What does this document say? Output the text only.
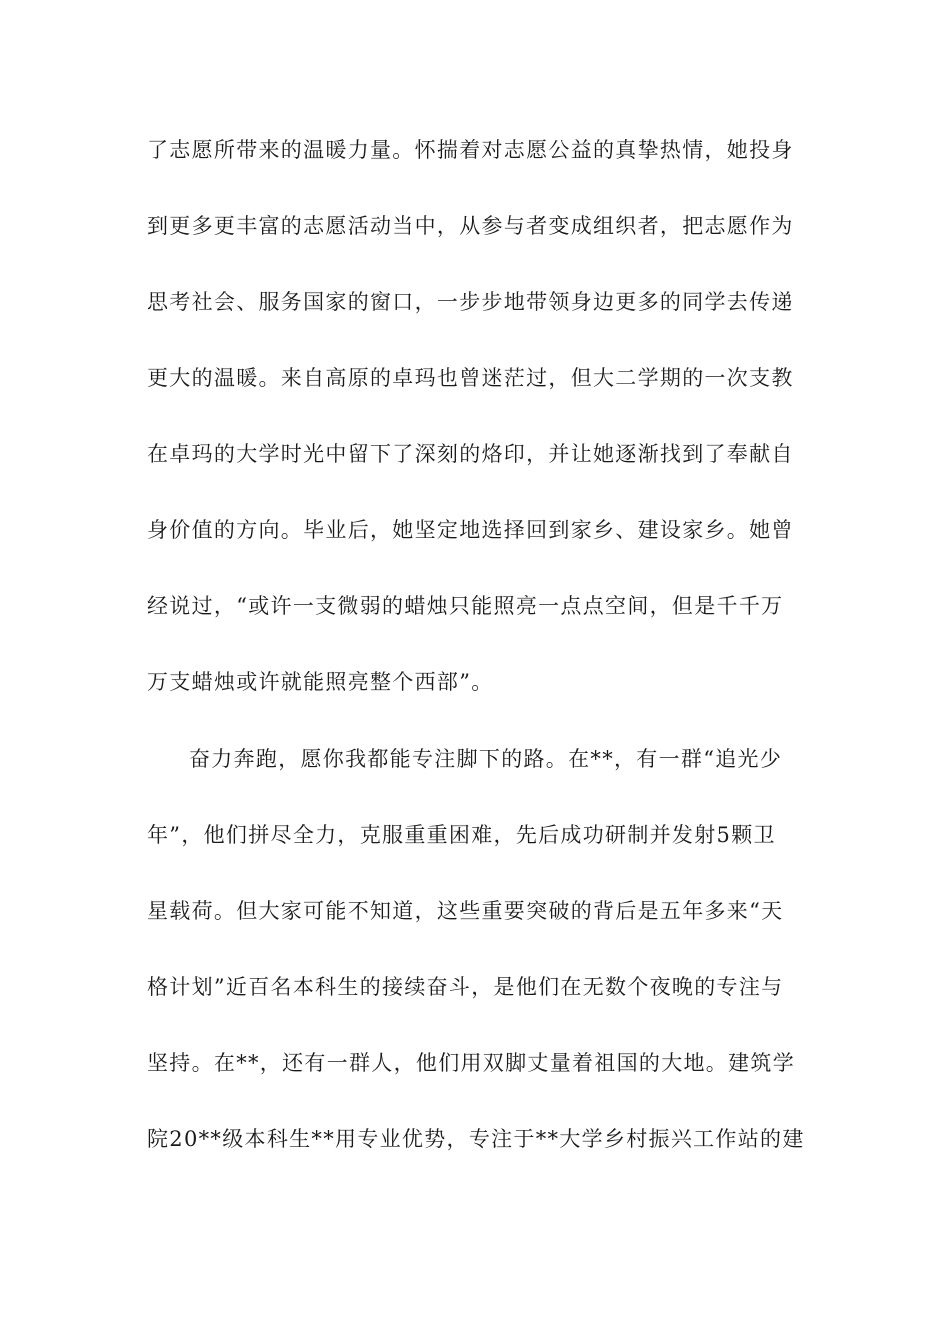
了志愿所带来的温暖力量。怀揣着对志愿公益的真挚热情，她投身
到更多更丰富的志愿活动当中，从参与者变成组织者，把志愿作为
思考社会、服务国家的窗口，一步步地带领身边更多的同学去传递
更大的温暖。来自高原的卓玛也曾迷茫过，但大二学期的一次支教
在卓玛的大学时光中留下了深刻的烙印，并让她逐渐找到了奉献自
身价值的方向。毕业后，她坚定地选择回到家乡、建设家乡。她曾
经说过，“或许一支微弱的蜡烛只能照亮一点点空间，但是千千万
万支蜡烛或许就能照亮整个西部”。
奋力奔跑，愿你我都能专注脚下的路。在**，有一群“追光少
年”，他们拼尽全力，克服重重困难，先后成功研制并发射5颗卫
星载荷。但大家可能不知道，这些重要突破的背后是五年多来“天
格计划”近百名本科生的接续奋斗，是他们在无数个夜晚的专注与
坚持。在**，还有一群人，他们用双脚丈量着祖国的大地。建筑学
院20**级本科生**用专业优势，专注于**大学乡村振兴工作站的建
